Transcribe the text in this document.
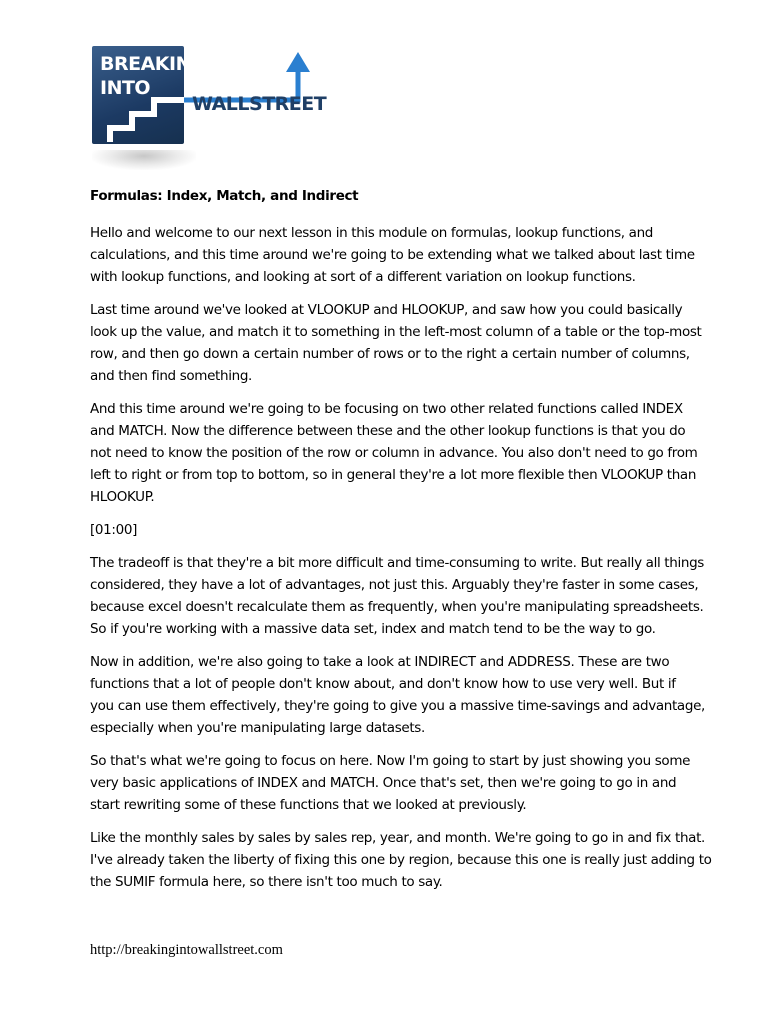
BREAKING
INTO
WALLSTREET
Formulas: Index, Match, and Indirect

Hello and welcome to our next lesson in this module on formulas, lookup functions, and
calculations, and this time around we're going to be extending what we talked about last time
with lookup functions, and looking at sort of a different variation on lookup functions.

Last time around we've looked at VLOOKUP and HLOOKUP, and saw how you could basically
look up the value, and match it to something in the left-most column of a table or the top-most
row, and then go down a certain number of rows or to the right a certain number of columns,
and then find something.

And this time around we're going to be focusing on two other related functions called INDEX
and MATCH. Now the difference between these and the other lookup functions is that you do
not need to know the position of the row or column in advance. You also don't need to go from
left to right or from top to bottom, so in general they're a lot more flexible then VLOOKUP than
HLOOKUP.

[01:00]

The tradeoff is that they're a bit more difficult and time-consuming to write. But really all things
considered, they have a lot of advantages, not just this. Arguably they're faster in some cases,
because excel doesn't recalculate them as frequently, when you're manipulating spreadsheets.
So if you're working with a massive data set, index and match tend to be the way to go.

Now in addition, we're also going to take a look at INDIRECT and ADDRESS. These are two
functions that a lot of people don't know about, and don't know how to use very well. But if
you can use them effectively, they're going to give you a massive time-savings and advantage,
especially when you're manipulating large datasets.

So that's what we're going to focus on here. Now I'm going to start by just showing you some
very basic applications of INDEX and MATCH. Once that's set, then we're going to go in and
start rewriting some of these functions that we looked at previously.

Like the monthly sales by sales by sales rep, year, and month. We're going to go in and fix that.
I've already taken the liberty of fixing this one by region, because this one is really just adding to
the SUMIF formula here, so there isn't too much to say.

http://breakingintowallstreet.com
